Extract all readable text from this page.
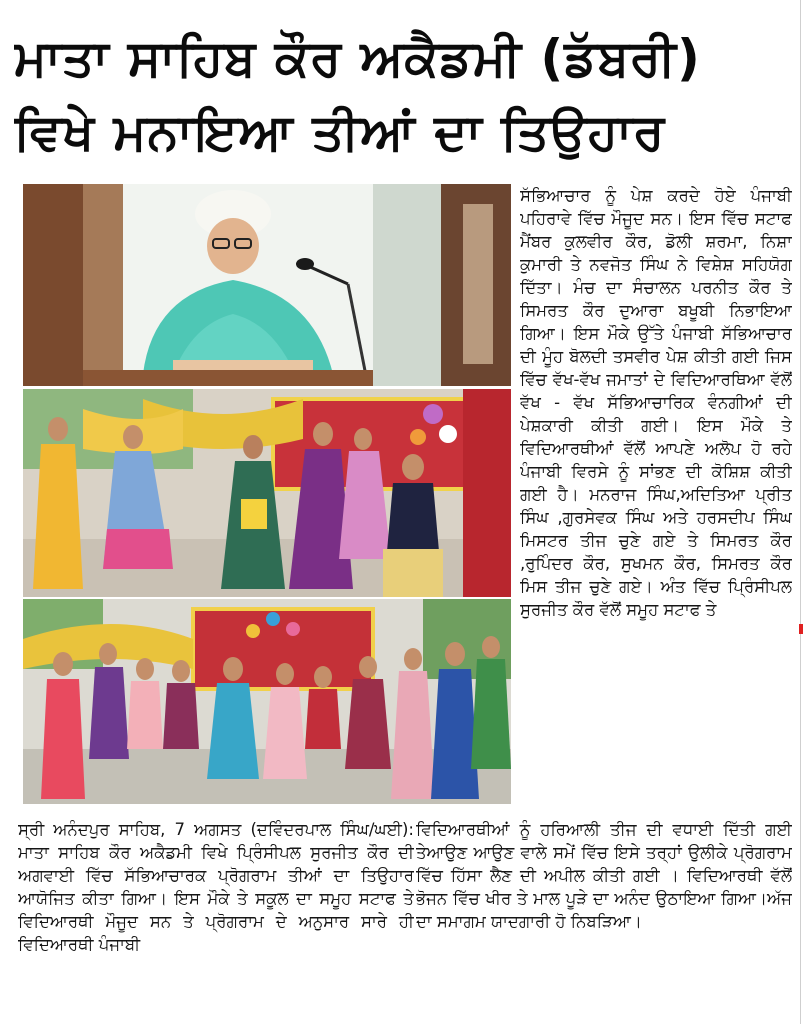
ਮਾਤਾ ਸਾਹਿਬ ਕੌਰ ਅਕੈਡਮੀ (ਡੱਬਰੀ)
ਵਿਖੇ ਮਨਾਇਆ ਤੀਆਂ ਦਾ ਤਿਉਹਾਰ

ਸੱਭਿਆਚਾਰ ਨੂੰ ਪੇਸ਼ ਕਰਦੇ ਹੋਏ ਪੰਜਾਬੀ ਪਹਿਰਾਵੇ ਵਿੱਚ ਮੌਜੂਦ ਸਨ। ਇਸ ਵਿੱਚ ਸਟਾਫ ਮੈਂਬਰ ਕੁਲਵੀਰ ਕੌਰ, ਡੋਲੀ ਸ਼ਰਮਾ, ਨਿਸ਼ਾ ਕੁਮਾਰੀ ਤੇ ਨਵਜੋਤ ਸਿੰਘ ਨੇ ਵਿਸ਼ੇਸ਼ ਸਹਿਯੋਗ ਦਿੱਤਾ। ਮੰਚ ਦਾ ਸੰਚਾਲਨ ਪਰਨੀਤ ਕੌਰ ਤੇ ਸਿਮਰਤ ਕੌਰ ਦੁਆਰਾ ਬਖੂਬੀ ਨਿਭਾਇਆ ਗਿਆ। ਇਸ ਮੌਕੇ ਉੱਤੇ ਪੰਜਾਬੀ ਸੱਭਿਆਚਾਰ ਦੀ ਮੂੰਹ ਬੋਲਦੀ ਤਸਵੀਰ ਪੇਸ਼ ਕੀਤੀ ਗਈ ਜਿਸ ਵਿੱਚ ਵੱਖ-ਵੱਖ ਜਮਾਤਾਂ ਦੇ ਵਿਦਿਆਰਥਿਆ ਵੱਲੋਂ ਵੱਖ - ਵੱਖ ਸੱਭਿਆਚਾਰਿਕ ਵੰਨਗੀਆਂ ਦੀ ਪੇਸ਼ਕਾਰੀ ਕੀਤੀ ਗਈ। ਇਸ ਮੌਕੇ ਤੇ ਵਿਦਿਆਰਥੀਆਂ ਵੱਲੋਂ ਆਪਣੇ ਅਲੋਪ ਹੋ ਰਹੇ ਪੰਜਾਬੀ ਵਿਰਸੇ ਨੂੰ ਸਾਂਭਣ ਦੀ ਕੋਸ਼ਿਸ਼ ਕੀਤੀ ਗਈ ਹੈ। ਮਨਰਾਜ ਸਿੰਘ,ਅਦਿਤਿਆ ਪ੍ਰੀਤ ਸਿੰਘ ,ਗੁਰਸੇਵਕ ਸਿੰਘ ਅਤੇ ਹਰਸਦੀਪ ਸਿੰਘ ਮਿਸਟਰ ਤੀਜ ਚੁਣੇ ਗਏ ਤੇ ਸਿਮਰਤ ਕੌਰ ,ਰੁਪਿੰਦਰ ਕੌਰ, ਸੁਖਮਨ ਕੌਰ, ਸਿਮਰਤ ਕੌਰ ਮਿਸ ਤੀਜ ਚੁਣੇ ਗਏ। ਅੰਤ ਵਿੱਚ ਪ੍ਰਿੰਸੀਪਲ ਸੁਰਜੀਤ ਕੌਰ ਵੱਲੋਂ ਸਮੂਹ ਸਟਾਫ ਤੇ

ਸ੍ਰੀ ਅਨੰਦਪੁਰ ਸਾਹਿਬ, 7 ਅਗਸਤ (ਦਵਿੰਦਰਪਾਲ ਸਿੰਘ/ਘਈ): ਮਾਤਾ ਸਾਹਿਬ ਕੌਰ ਅਕੈਡਮੀ ਵਿਖੇ ਪ੍ਰਿੰਸੀਪਲ ਸੁਰਜੀਤ ਕੌਰ ਦੀ ਅਗਵਾਈ ਵਿੱਚ ਸੱਭਿਆਚਾਰਕ ਪ੍ਰੋਗਰਾਮ ਤੀਆਂ ਦਾ ਤਿਉਹਾਰ ਆਯੋਜਿਤ ਕੀਤਾ ਗਿਆ। ਇਸ ਮੌਕੇ ਤੇ ਸਕੂਲ ਦਾ ਸਮੂਹ ਸਟਾਫ ਤੇ ਵਿਦਿਆਰਥੀ ਮੌਜੂਦ ਸਨ ਤੇ ਪ੍ਰੋਗਰਾਮ ਦੇ ਅਨੁਸਾਰ ਸਾਰੇ ਹੀ ਵਿਦਿਆਰਥੀ ਪੰਜਾਬੀ

ਵਿਦਿਆਰਥੀਆਂ ਨੂੰ ਹਰਿਆਲੀ ਤੀਜ ਦੀ ਵਧਾਈ ਦਿੱਤੀ ਗਈ ਤੇਆਉਣ ਆਉਣ ਵਾਲੇ ਸਮੇਂ ਵਿੱਚ ਇਸੇ ਤਰ੍ਹਾਂ ਉਲੀਕੇ ਪ੍ਰੋਗਰਾਮ ਵਿੱਚ ਹਿੱਸਾ ਲੈਣ ਦੀ ਅਪੀਲ ਕੀਤੀ ਗਈ । ਵਿਦਿਆਰਥੀ ਵੱਲੋਂ ਭੋਜਨ ਵਿੱਚ ਖੀਰ ਤੇ ਮਾਲ ਪੂੜੇ ਦਾ ਅਨੰਦ ਉਠਾਇਆ ਗਿਆ।ਅੱਜ ਦਾ ਸਮਾਗਮ ਯਾਦਗਾਰੀ ਹੋ ਨਿਬੜਿਆ।
